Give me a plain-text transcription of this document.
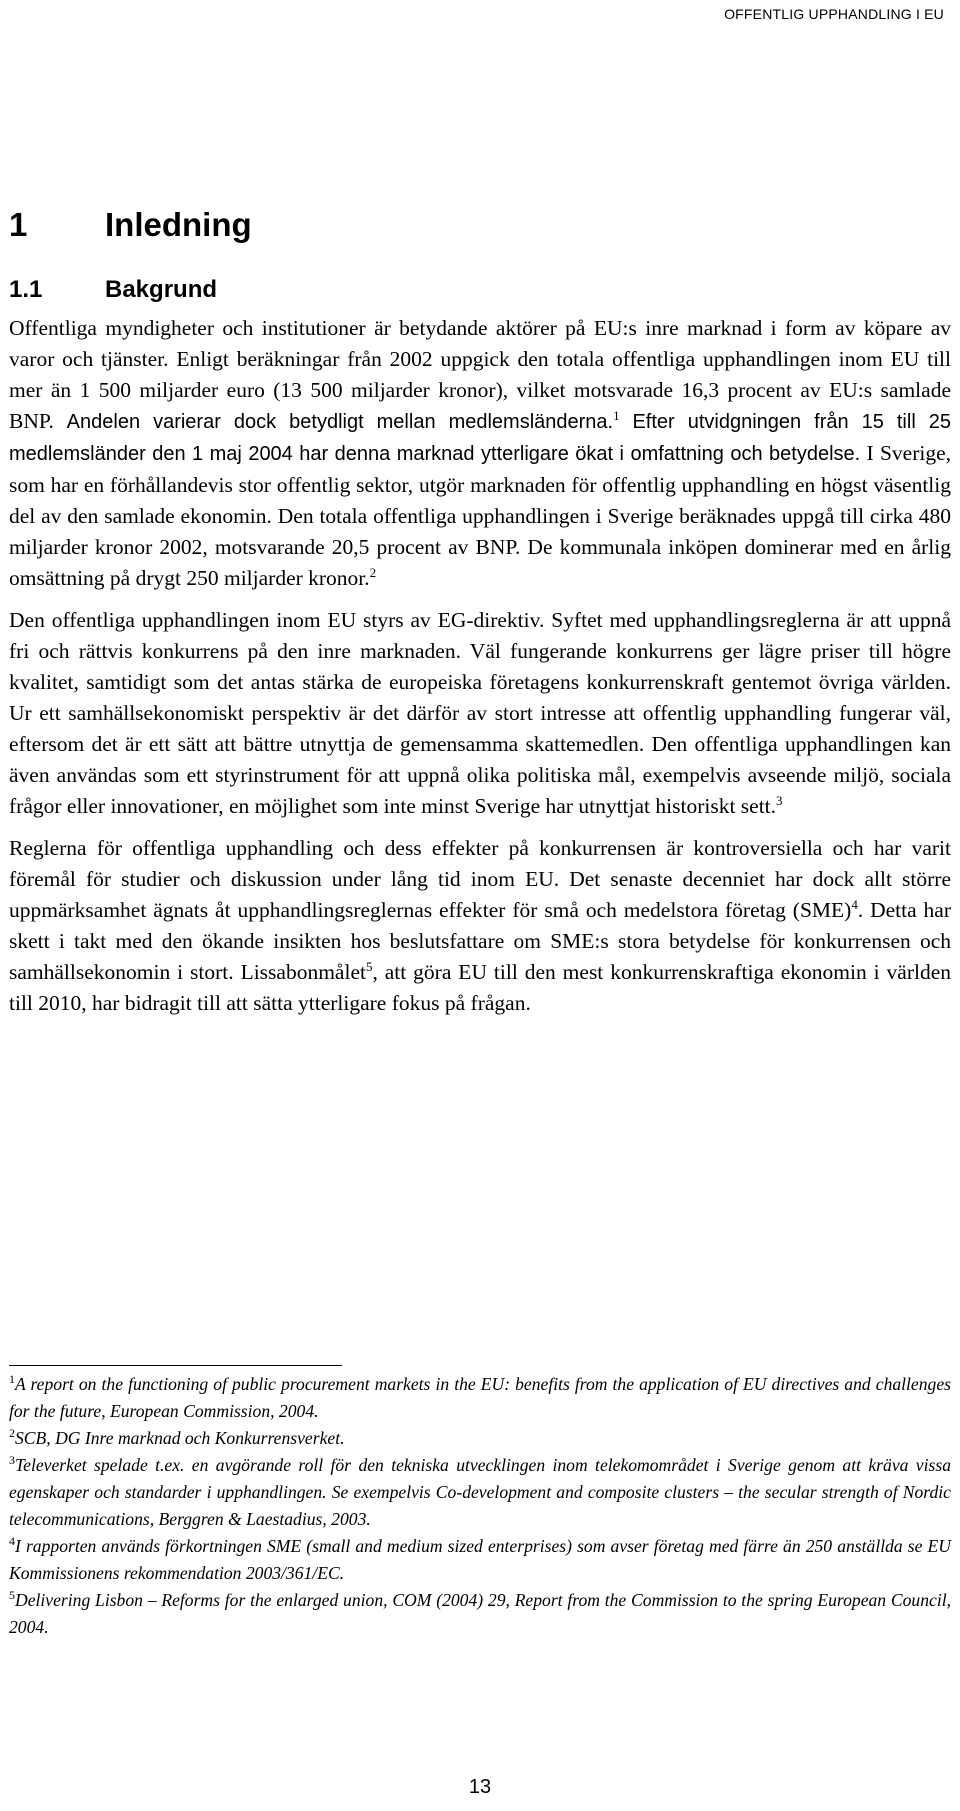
OFFENTLIG UPPHANDLING I EU
1 Inledning
1.1	Bakgrund

Offentliga myndigheter och institutioner är betydande aktörer på EU:s inre marknad i form av köpare av varor och tjänster. Enligt beräkningar från 2002 uppgick den totala offentliga upphandlingen inom EU till mer än 1 500 miljarder euro (13 500 miljarder kronor), vilket motsvarade 16,3 procent av EU:s samlade BNP. Andelen varierar dock betydligt mellan medlemsländerna.$^1$ Efter utvidgningen från 15 till 25 medlemsländer den 1 maj 2004 har denna marknad ytterligare ökat i omfattning och betydelse. I Sverige, som har en förhållandevis stor offentlig sektor, utgör marknaden för offentlig upphandling en högst väsentlig del av den samlade ekonomin. Den totala offentliga upphandlingen i Sverige beräknades uppgå till cirka 480 miljarder kronor 2002, motsvarande 20,5 procent av BNP. De kommunala inköpen dominerar med en årlig omsättning på drygt 250 miljarder kronor.$^2$

Den offentliga upphandlingen inom EU styrs av EG-direktiv. Syftet med upphandlingsreglerna är att uppnå fri och rättvis konkurrens på den inre marknaden. Väl fungerande konkurrens ger lägre priser till högre kvalitet, samtidigt som det antas stärka de europeiska företagens konkurrenskraft gentemot övriga världen. Ur ett samhällsekonomiskt perspektiv är det därför av stort intresse att offentlig upphandling fungerar väl, eftersom det är ett sätt att bättre utnyttja de gemensamma skattemedlen. Den offentliga upphandlingen kan även användas som ett styrinstrument för att uppnå olika politiska mål, exempelvis avseende miljö, sociala frågor eller innovationer, en möjlighet som inte minst Sverige har utnyttjat historiskt sett.$^3$

Reglerna för offentliga upphandling och dess effekter på konkurrensen är kontroversiella och har varit föremål för studier och diskussion under lång tid inom EU. Det senaste decenniet har dock allt större uppmärksamhet ägnats åt upphandlingsreglernas effekter för små och medelstora företag (SME)$^4$. Detta har skett i takt med den ökande insikten hos beslutsfattare om SME:s stora betydelse för konkurrensen och samhällsekonomin i stort. Lissabonmålet$^5$, att göra EU till den mest konkurrenskraftiga ekonomin i världen till 2010, har bidragit till att sätta ytterligare fokus på frågan.

$^1$A report on the functioning of public procurement markets in the EU: benefits from the application of EU directives and challenges for the future, European Commission, 2004.

$^2$SCB, DG Inre marknad och Konkurrensverket.

$^3$Televerket spelade t.ex. en avgörande roll för den tekniska utvecklingen inom telekomområdet i Sverige genom att kräva vissa egenskaper och standarder i upphandlingen. Se exempelvis Co-development and composite clusters – the secular strength of Nordic telecommunications, Berggren & Laestadius, 2003.

$^4$I rapporten används förkortningen SME (small and medium sized enterprises) som avser företag med färre än 250 anställda se EU Kommissionens rekommendation 2003/361/EC.

$^5$Delivering Lisbon – Reforms for the enlarged union, COM (2004) 29, Report from the Commission to the spring European Council, 2004.

13
